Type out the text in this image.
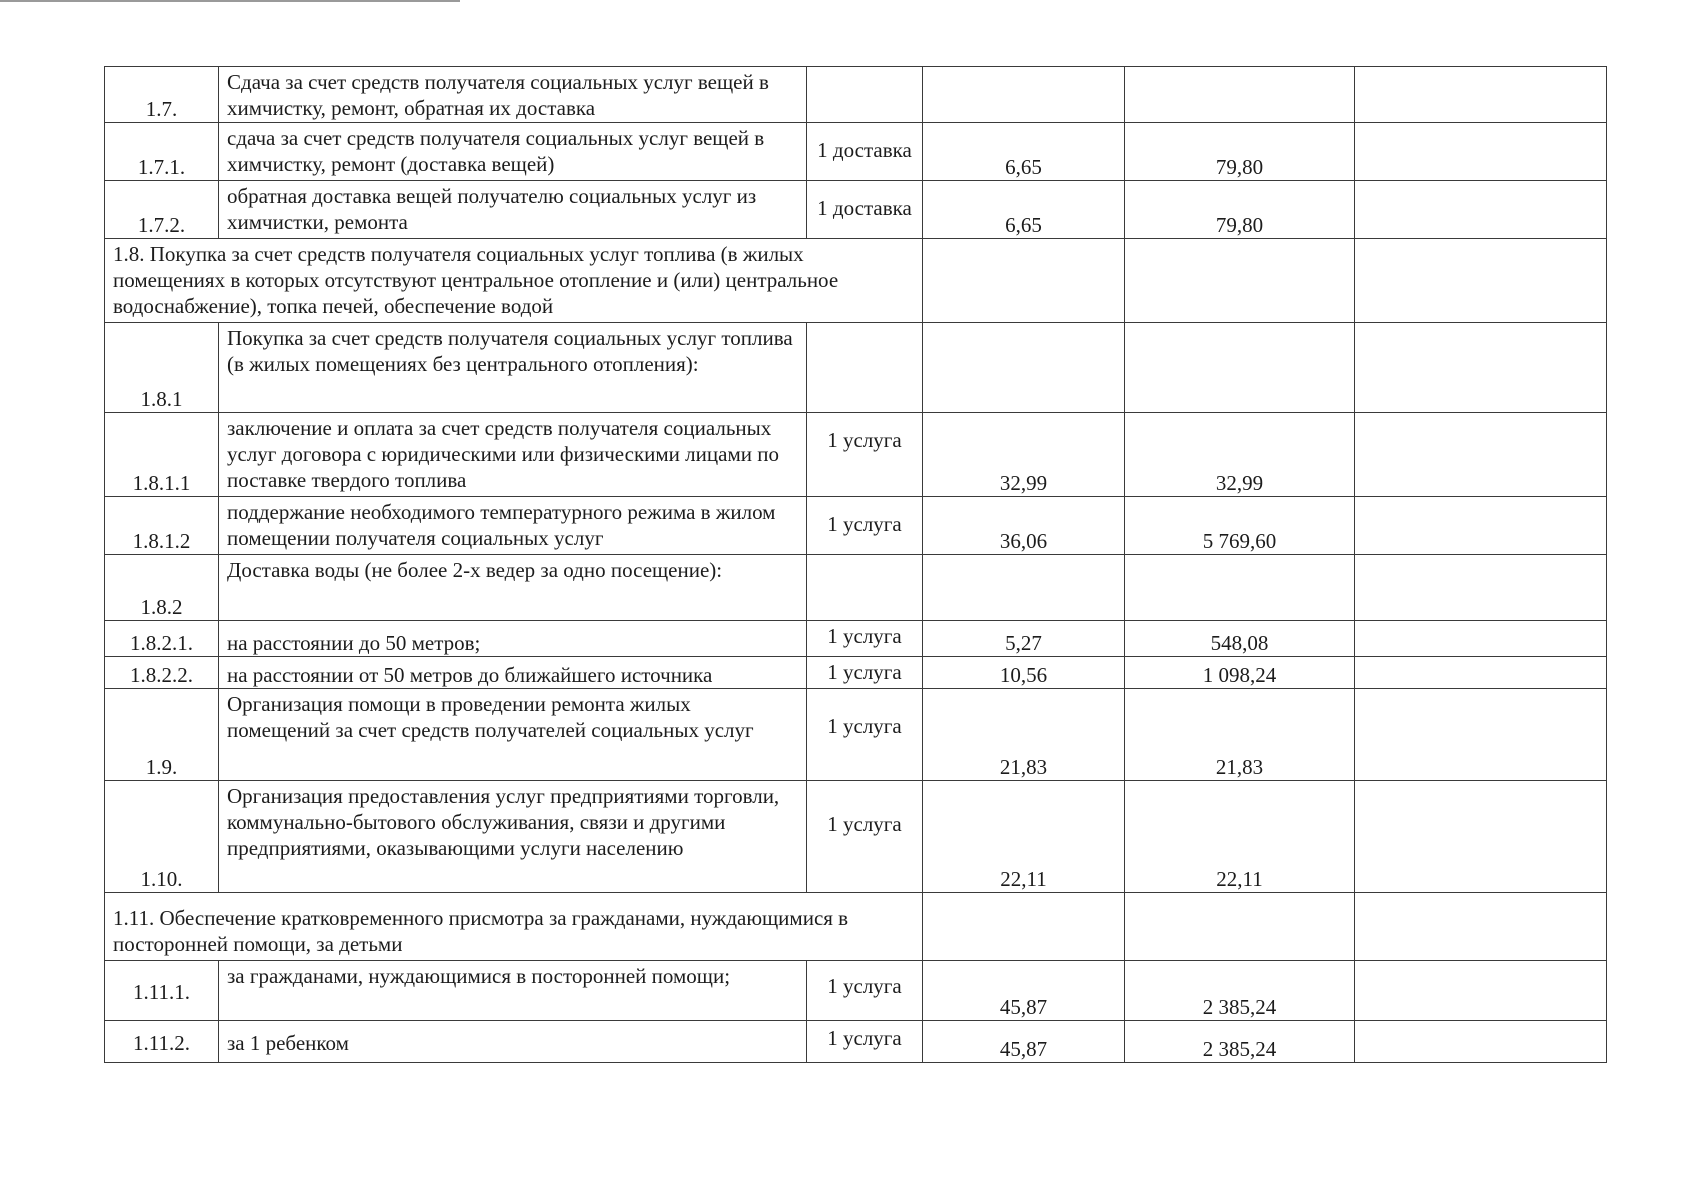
1.7.	Сдача за счет средств получателя социальных услуг вещей в химчистку, ремонт, обратная их доставка				
1.7.1.	сдача за счет средств получателя социальных услуг вещей в химчистку, ремонт (доставка вещей)	1 доставка	6,65	79,80	
1.7.2.	обратная доставка вещей получателю социальных услуг из химчистки, ремонта	1 доставка	6,65	79,80	
1.8. Покупка за счет средств получателя социальных услуг топлива (в жилых помещениях в которых отсутствуют центральное отопление и (или) центральное водоснабжение), топка печей, обеспечение водой					
1.8.1	Покупка за счет средств получателя социальных услуг топлива (в жилых помещениях без центрального отопления):				
1.8.1.1	заключение и оплата за счет средств получателя социальных услуг договора с юридическими или физическими лицами по поставке твердого топлива	1 услуга	32,99	32,99	
1.8.1.2	поддержание необходимого температурного режима в жилом помещении получателя социальных услуг	1 услуга	36,06	5 769,60	
1.8.2	Доставка воды (не более 2-х ведер за одно посещение):				
1.8.2.1.	на расстоянии до 50 метров;	1 услуга	5,27	548,08	
1.8.2.2.	на расстоянии от 50 метров до ближайшего источника	1 услуга	10,56	1 098,24	
1.9.	Организация помощи в проведении ремонта жилых помещений за счет средств получателей социальных услуг	1 услуга	21,83	21,83	
1.10.	Организация предоставления услуг предприятиями торговли, коммунально-бытового обслуживания, связи и другими предприятиями, оказывающими услуги населению	1 услуга	22,11	22,11	
1.11. Обеспечение кратковременного присмотра за гражданами, нуждающимися в посторонней помощи, за детьми					
1.11.1.	за гражданами, нуждающимися в посторонней помощи;	1 услуга	45,87	2 385,24	
1.11.2.	за 1 ребенком	1 услуга	45,87	2 385,24	
